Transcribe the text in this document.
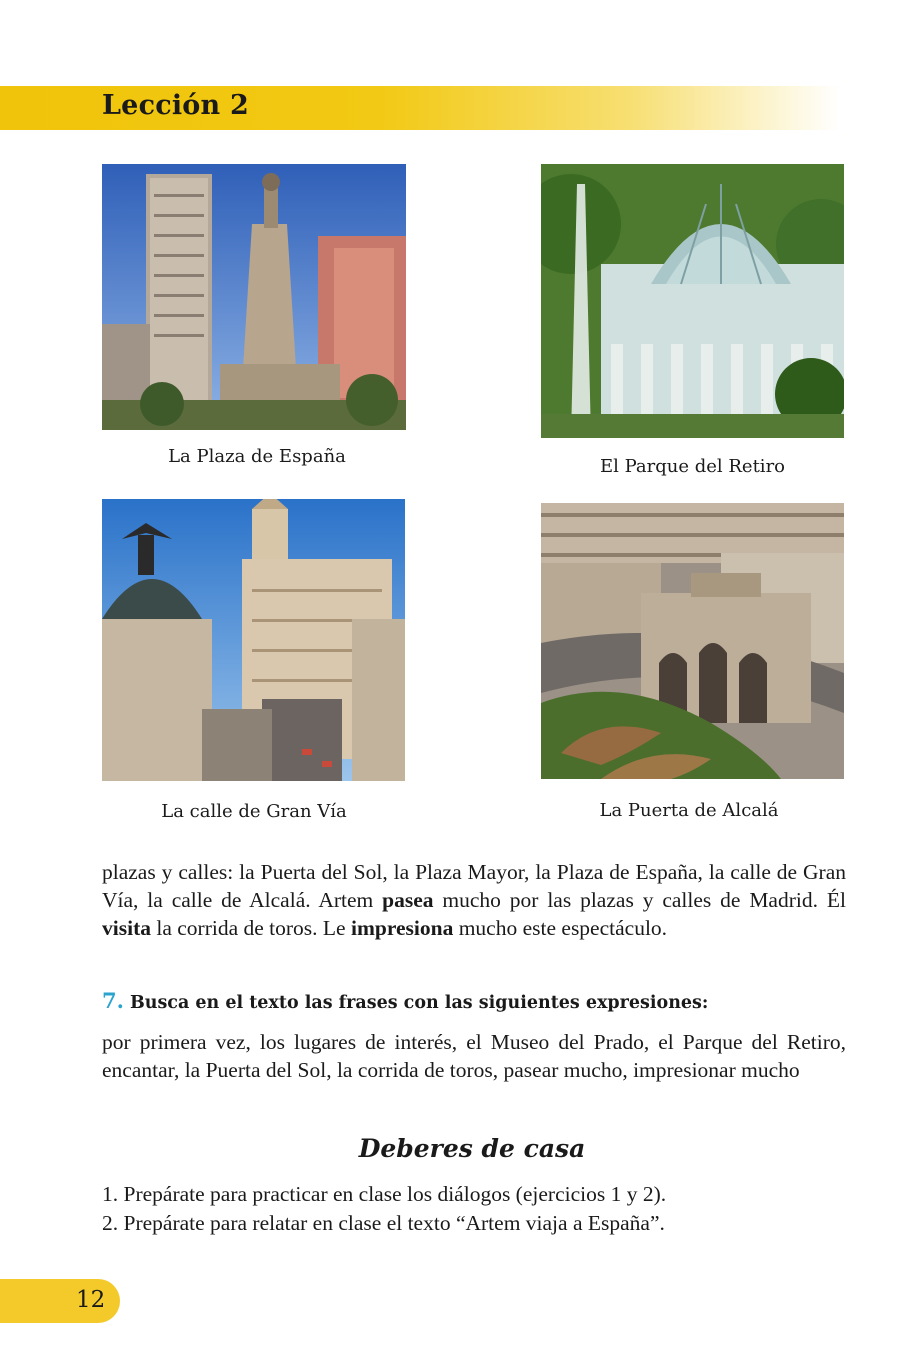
Lección 2
La Plaza de España	El Parque del Retiro
La calle de Gran Vía	La Puerta de Alcalá
plazas y calles: la Puerta del Sol, la Plaza Mayor, la Plaza de España, la calle de Gran Vía, la calle de Alcalá. Artem pasea mucho por las plazas y calles de Madrid. Él visita la corrida de toros. Le impresiona mucho este espectáculo.
7. Busca en el texto las frases con las siguientes expresiones:
por primera vez, los lugares de interés, el Museo del Prado, el Parque del Retiro, encantar, la Puerta del Sol, la corrida de toros, pasear mucho, impresionar mucho
Deberes de casa
1. Prepárate para practicar en clase los diálogos (ejercicios 1 y 2).
2. Prepárate para relatar en clase el texto “Artem viaja a España”.
12
